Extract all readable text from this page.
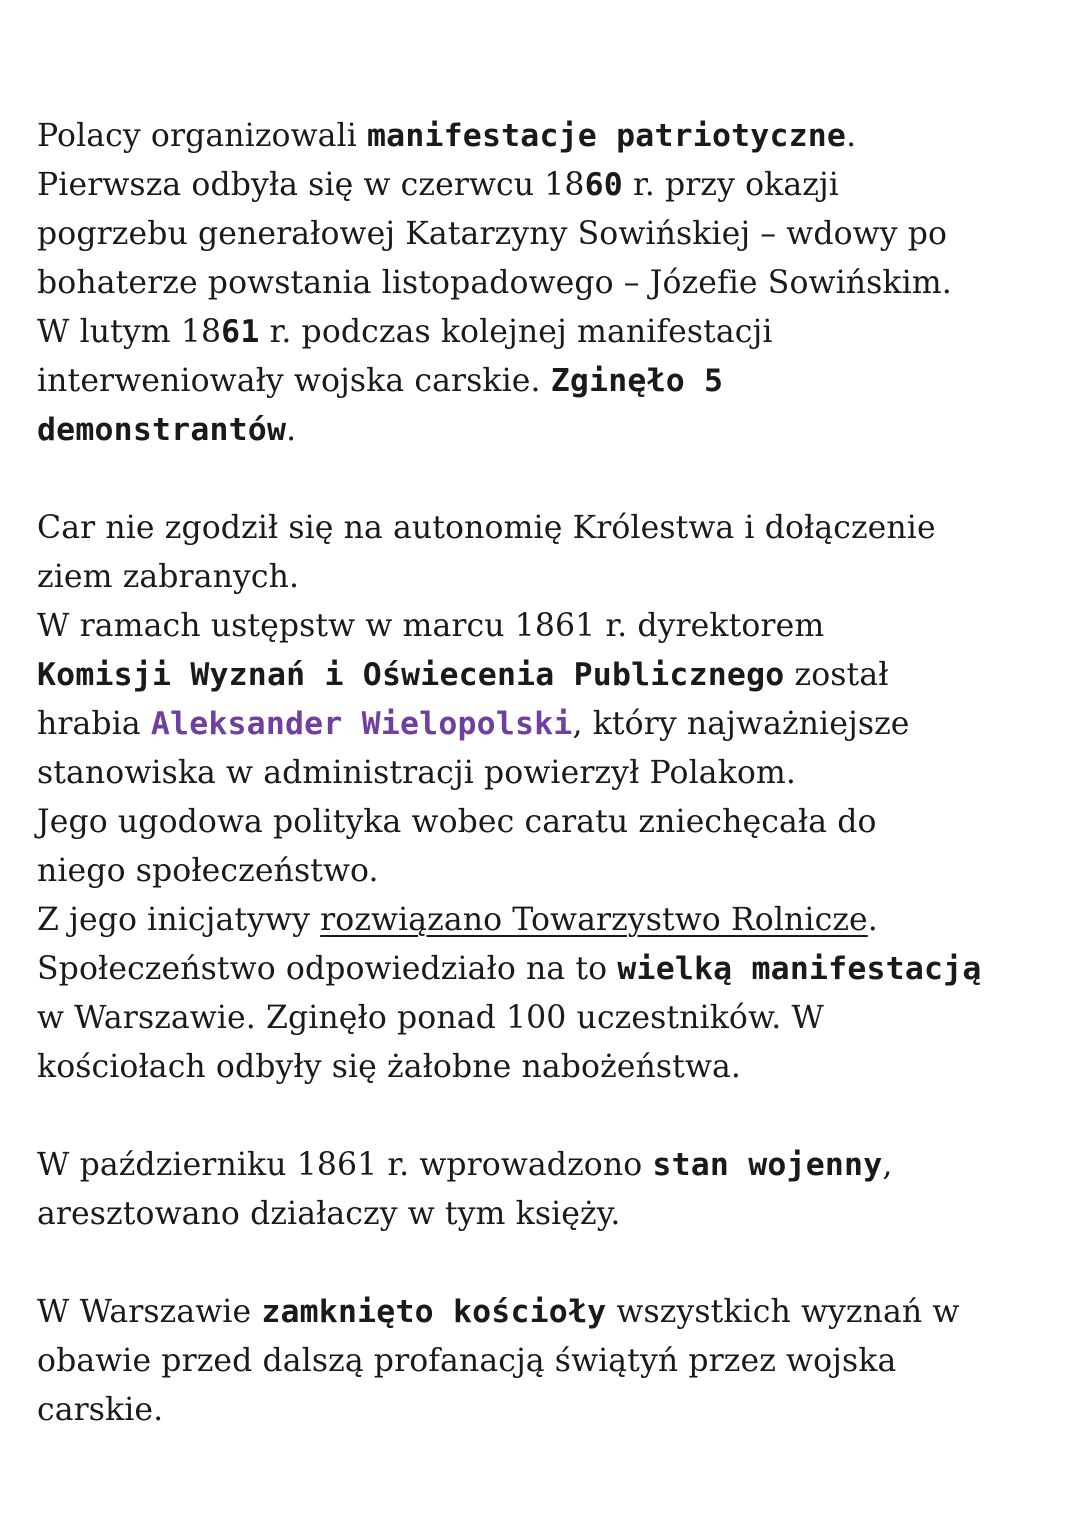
Polacy organizowali manifestacje patriotyczne.
Pierwsza odbyła się w czerwcu 1860 r. przy okazji
pogrzebu generałowej Katarzyny Sowińskiej – wdowy po
bohaterze powstania listopadowego – Józefie Sowińskim.
W lutym 1861 r. podczas kolejnej manifestacji
interweniowały wojska carskie. Zginęło 5
demonstrantów.
Car nie zgodził się na autonomię Królestwa i dołączenie
ziem zabranych.
W ramach ustępstw w marcu 1861 r. dyrektorem
Komisji Wyznań i Oświecenia Publicznego został
hrabia Aleksander Wielopolski, który najważniejsze
stanowiska w administracji powierzył Polakom.
Jego ugodowa polityka wobec caratu zniechęcała do
niego społeczeństwo.
Z jego inicjatywy rozwiązano Towarzystwo Rolnicze.
Społeczeństwo odpowiedziało na to wielką manifestacją
w Warszawie. Zginęło ponad 100 uczestników. W
kościołach odbyły się żałobne nabożeństwa.
W październiku 1861 r. wprowadzono stan wojenny,
aresztowano działaczy w tym księży.
W Warszawie zamknięto kościoły wszystkich wyznań w
obawie przed dalszą profanacją świątyń przez wojska
carskie.
